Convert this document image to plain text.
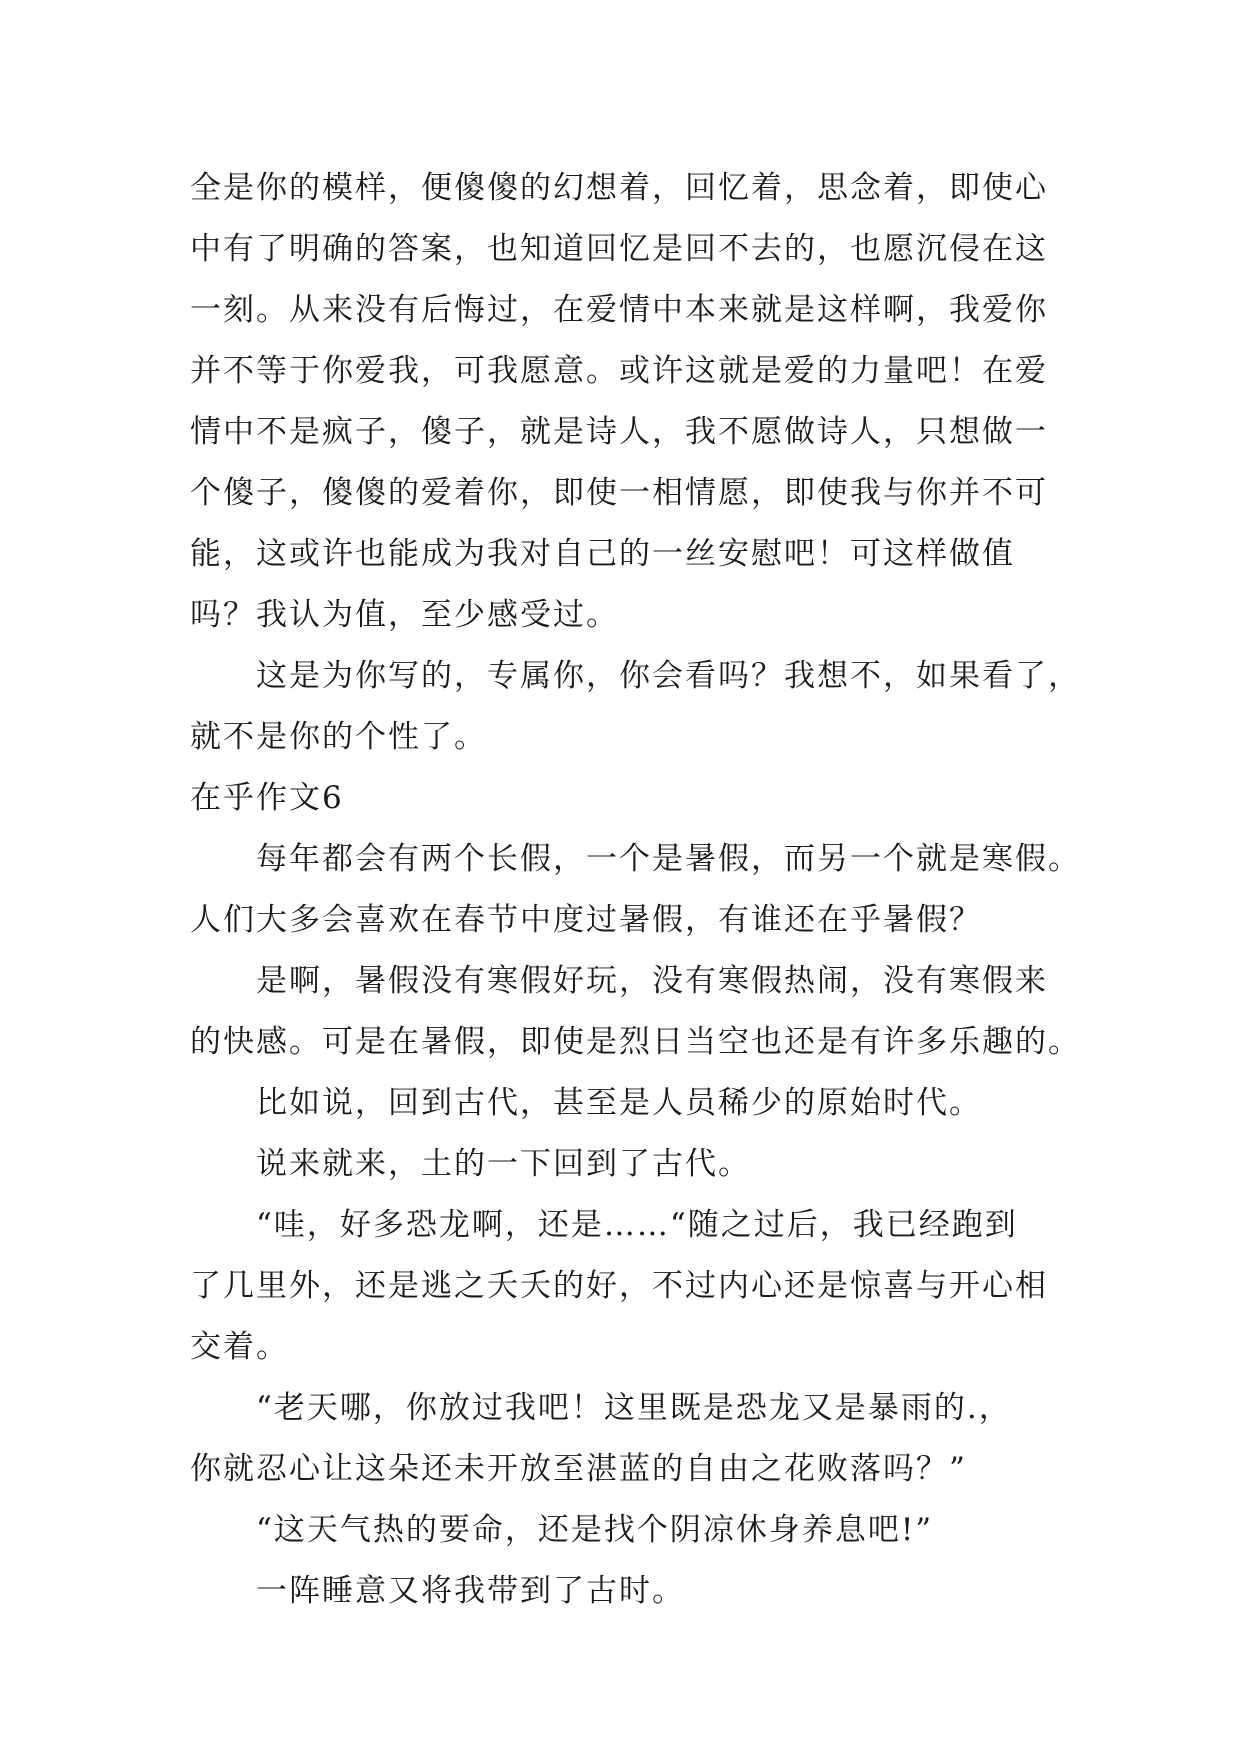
全是你的模样，便傻傻的幻想着，回忆着，思念着，即使心
中有了明确的答案，也知道回忆是回不去的，也愿沉侵在这
一刻。从来没有后悔过，在爱情中本来就是这样啊，我爱你
并不等于你爱我，可我愿意。或许这就是爱的力量吧！在爱
情中不是疯子，傻子，就是诗人，我不愿做诗人，只想做一
个傻子，傻傻的爱着你，即使一相情愿，即使我与你并不可
能，这或许也能成为我对自己的一丝安慰吧！可这样做值
吗？我认为值，至少感受过。
这是为你写的，专属你，你会看吗？我想不，如果看了，
就不是你的个性了。
在乎作文6
每年都会有两个长假，一个是暑假，而另一个就是寒假。
人们大多会喜欢在春节中度过暑假，有谁还在乎暑假？
是啊，暑假没有寒假好玩，没有寒假热闹，没有寒假来
的快感。可是在暑假，即使是烈日当空也还是有许多乐趣的。
比如说，回到古代，甚至是人员稀少的原始时代。
说来就来，土的一下回到了古代。
“哇，好多恐龙啊，还是……“随之过后，我已经跑到
了几里外，还是逃之夭夭的好，不过内心还是惊喜与开心相
交着。
“老天哪，你放过我吧！这里既是恐龙又是暴雨的.，
你就忍心让这朵还未开放至湛蓝的自由之花败落吗？”
“这天气热的要命，还是找个阴凉休身养息吧!”
一阵睡意又将我带到了古时。
